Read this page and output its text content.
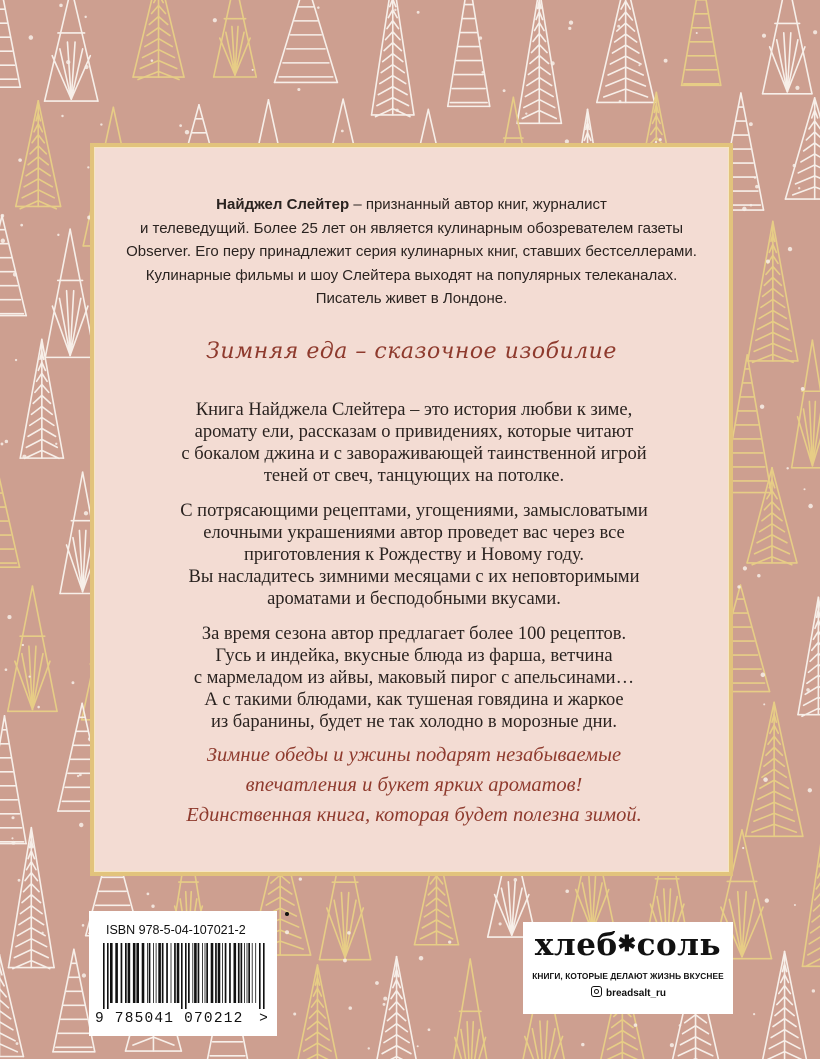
Найджел Слейтер – признанный автор книг, журналист
и телеведущий. Более 25 лет он является кулинарным обозревателем газеты
Observer. Его перу принадлежит серия кулинарных книг, ставших бестселлерами.
Кулинарные фильмы и шоу Слейтера выходят на популярных телеканалах.
Писатель живет в Лондоне.
Зимняя еда – сказочное изобилие
Книга Найджела Слейтера – это история любви к зиме,
аромату ели, рассказам о привидениях, которые читают
с бокалом джина и с завораживающей таинственной игрой
теней от свеч, танцующих на потолке.
С потрясающими рецептами, угощениями, замысловатыми
елочными украшениями автор проведет вас через все
приготовления к Рождеству и Новому году.
Вы насладитесь зимними месяцами с их неповторимыми
ароматами и бесподобными вкусами.
За время сезона автор предлагает более 100 рецептов.
Гусь и индейка, вкусные блюда из фарша, ветчина
с мармеладом из айвы, маковый пирог с апельсинами…
А с такими блюдами, как тушеная говядина и жаркое
из баранины, будет не так холодно в морозные дни.
Зимние обеды и ужины подарят незабываемые
впечатления и букет ярких ароматов!
Единственная книга, которая будет полезна зимой.
ISBN 978-5-04-107021-2
9 785041 070212 >
хлеб✱соль
КНИГИ, КОТОРЫЕ ДЕЛАЮТ ЖИЗНЬ ВКУСНЕЕ
breadsalt_ru
